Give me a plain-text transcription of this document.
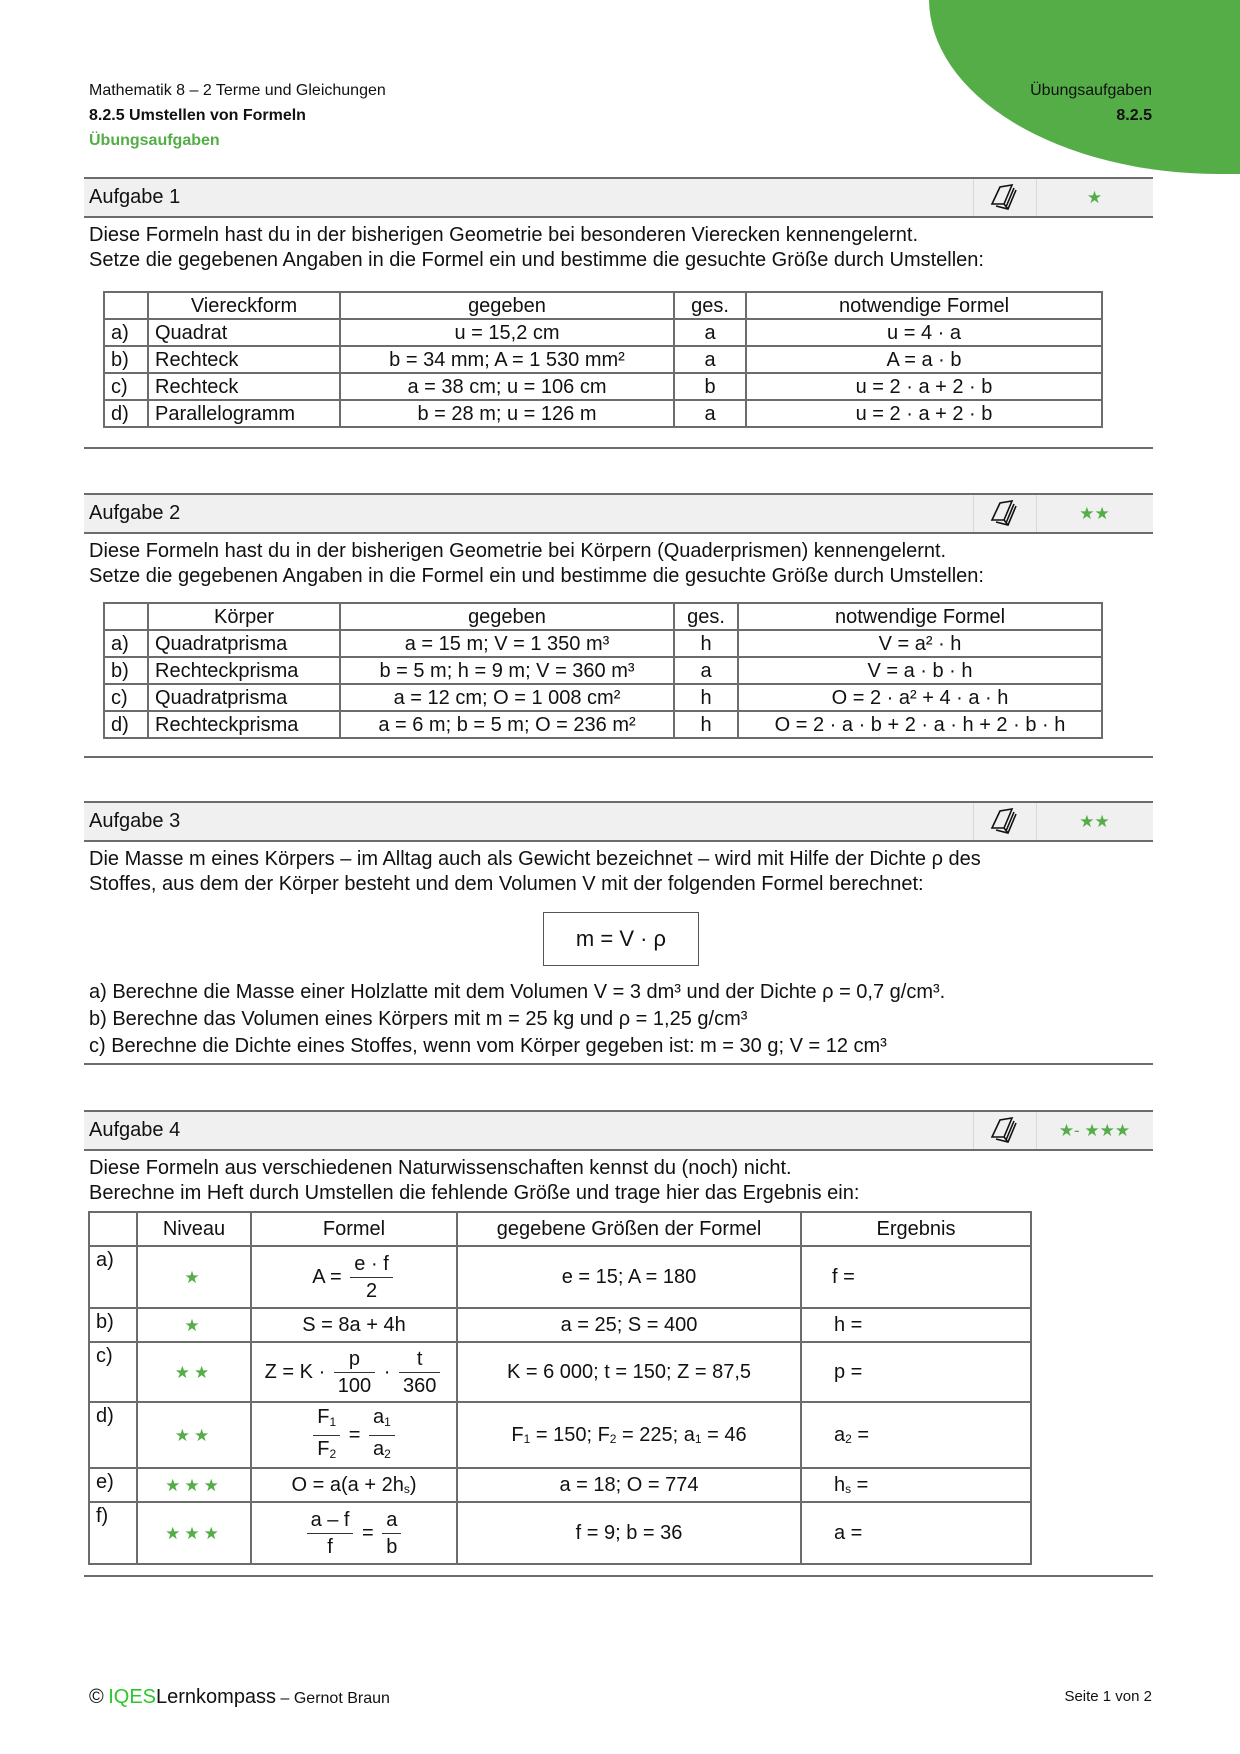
Mathematik 8 – 2 Terme und Gleichungen
8.2.5 Umstellen von Formeln
Übungsaufgaben
Übungsaufgaben
8.2.5
Aufgabe 1	★
Diese Formeln hast du in der bisherigen Geometrie bei besonderen Vierecken kennengelernt.
Setze die gegebenen Angaben in die Formel ein und bestimme die gesuchte Größe durch Umstellen:
	Viereckform	gegeben	ges.	notwendige Formel
a)	Quadrat	u = 15,2 cm	a	u = 4 · a
b)	Rechteck	b = 34 mm; A = 1 530 mm²	a	A = a · b
c)	Rechteck	a = 38 cm; u = 106 cm	b	u = 2 · a + 2 · b
d)	Parallelogramm	b = 28 m; u = 126 m	a	u = 2 · a + 2 · b
Aufgabe 2	★★
Diese Formeln hast du in der bisherigen Geometrie bei Körpern (Quaderprismen) kennengelernt.
Setze die gegebenen Angaben in die Formel ein und bestimme die gesuchte Größe durch Umstellen:
	Körper	gegeben	ges.	notwendige Formel
a)	Quadratprisma	a = 15 m; V = 1 350 m³	h	V = a² · h
b)	Rechteckprisma	b = 5 m; h = 9 m; V = 360 m³	a	V = a · b · h
c)	Quadratprisma	a = 12 cm; O = 1 008 cm²	h	O = 2 · a² + 4 · a · h
d)	Rechteckprisma	a = 6 m; b = 5 m; O = 236 m²	h	O = 2 · a · b + 2 · a · h + 2 · b · h
Aufgabe 3	★★
Die Masse m eines Körpers – im Alltag auch als Gewicht bezeichnet – wird mit Hilfe der Dichte ρ des
Stoffes, aus dem der Körper besteht und dem Volumen V mit der folgenden Formel berechnet:
m = V · ρ
a) Berechne die Masse einer Holzlatte mit dem Volumen V = 3 dm³ und der Dichte ρ = 0,7 g/cm³.
b) Berechne das Volumen eines Körpers mit m = 25 kg und ρ = 1,25 g/cm³
c) Berechne die Dichte eines Stoffes, wenn vom Körper gegeben ist: m = 30 g; V = 12 cm³
Aufgabe 4	★- ★★★
Diese Formeln aus verschiedenen Naturwissenschaften kennst du (noch) nicht.
Berechne im Heft durch Umstellen die fehlende Größe und trage hier das Ergebnis ein:
	Niveau	Formel	gegebene Größen der Formel	Ergebnis
a)	★	$A = \frac{e \cdot f}{2}$	e = 15; A = 180	f =
b)	★	S = 8a + 4h	a = 25; S = 400	h =
c)	★★	$Z = K \cdot \frac{p}{100} \cdot \frac{t}{360}$	K = 6 000; t = 150; Z = 87,5	p =
d)	★★	$\frac{F_1}{F_2} = \frac{a_1}{a_2}$	F1 = 150; F2 = 225; a1 = 46	a2 =
e)	★★★	O = a(a + 2hs)	a = 18; O = 774	hs =
f)	★★★	$\frac{a - f}{f} = \frac{a}{b}$	f = 9; b = 36	a =
© IQESLernkompass – Gernot Braun	Seite 1 von 2
